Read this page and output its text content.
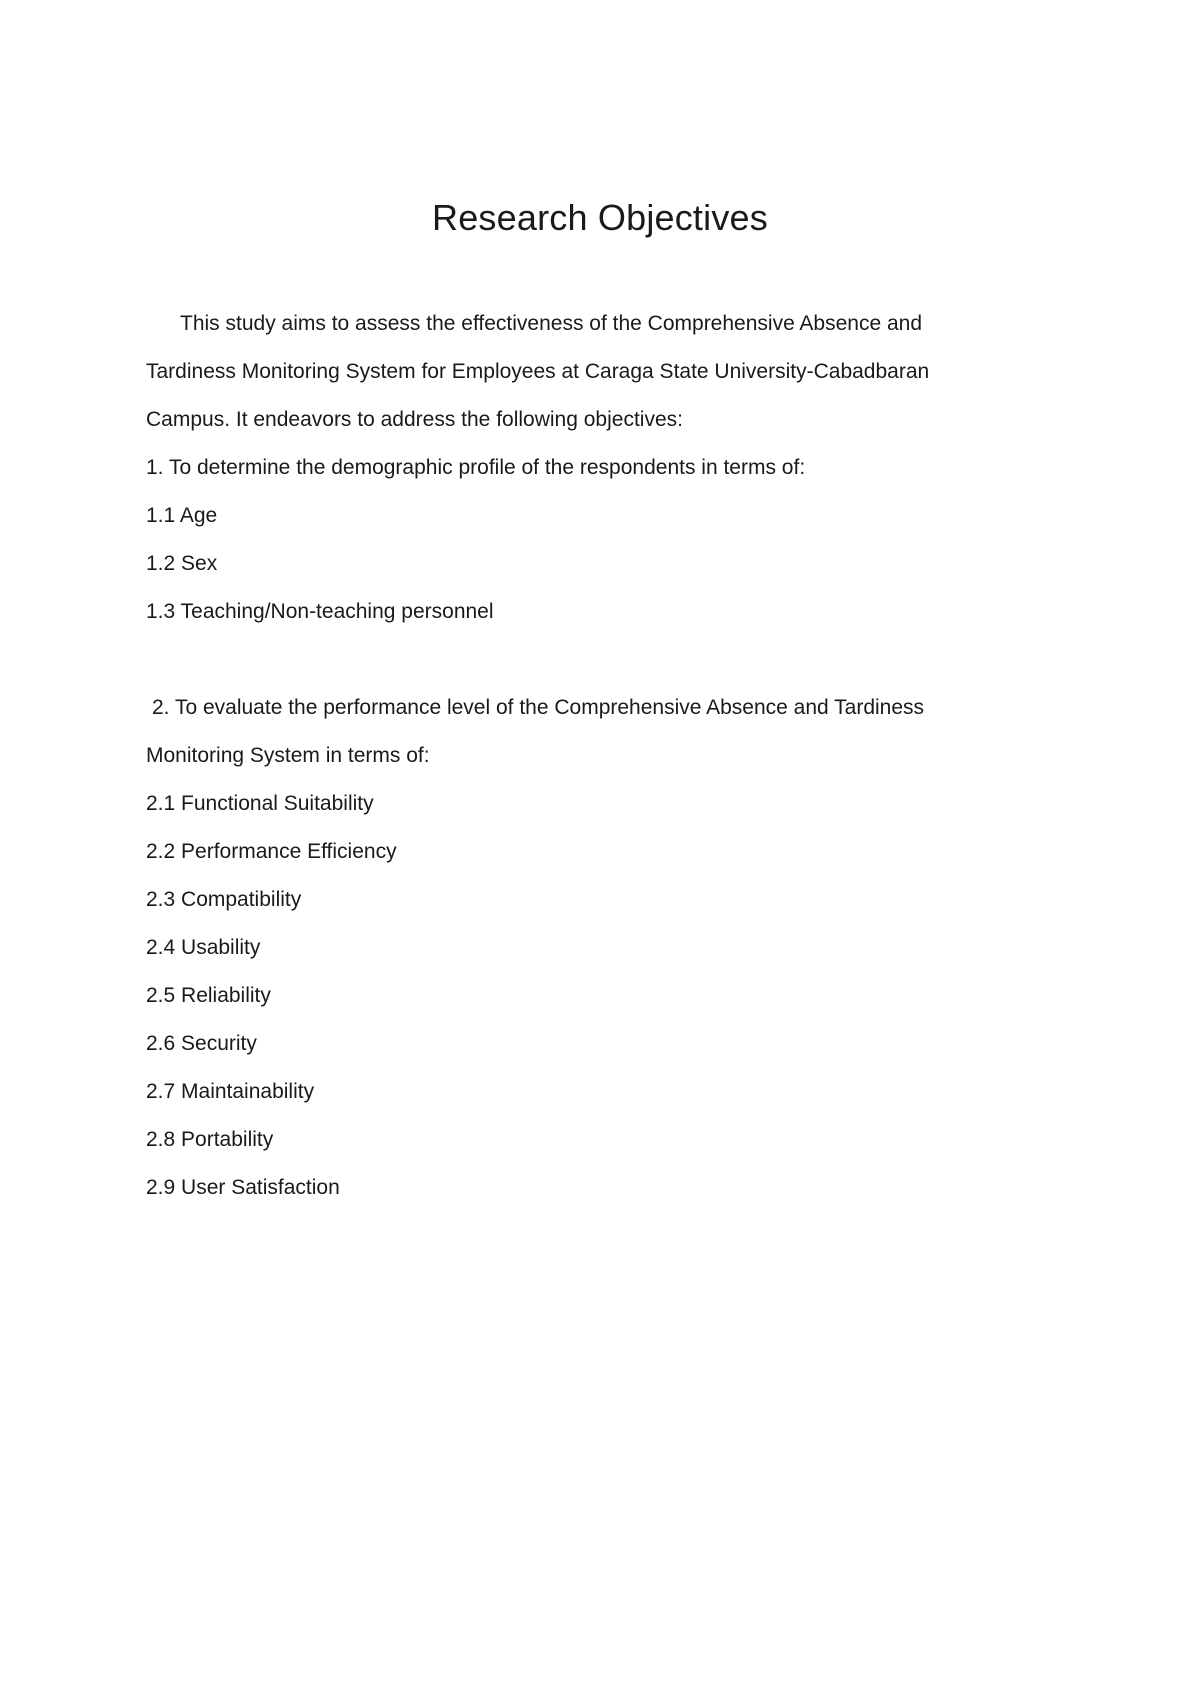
Research Objectives
This study aims to assess the effectiveness of the Comprehensive Absence and
Tardiness Monitoring System for Employees at Caraga State University-Cabadbaran
Campus. It endeavors to address the following objectives:
1. To determine the demographic profile of the respondents in terms of:
1.1 Age
1.2 Sex
1.3 Teaching/Non-teaching personnel
2. To evaluate the performance level of the Comprehensive Absence and Tardiness
Monitoring System in terms of:
2.1 Functional Suitability
2.2 Performance Efficiency
2.3 Compatibility
2.4 Usability
2.5 Reliability
2.6 Security
2.7 Maintainability
2.8 Portability
2.9 User Satisfaction
